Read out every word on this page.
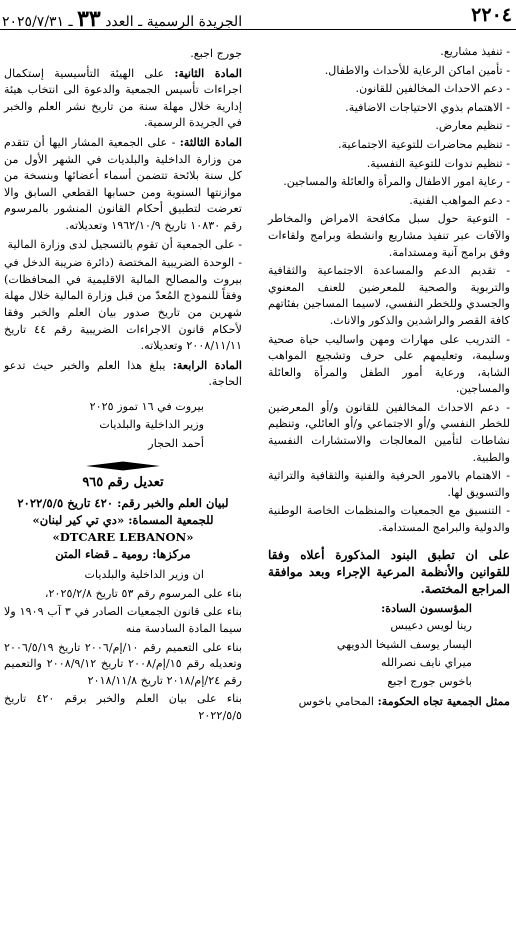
٢٢٠٤
الجريدة الرسمية ـ العدد ٣٣ ـ ٢٠٢٥/٧/٣١

- تنفيذ مشاريع.

- تأمين اماكن الرعاية للأحداث والاطفال.

- دعم الاحداث المخالفين للقانون.

- الاهتمام بذوي الاحتياجات الاضافية.

- تنظيم معارض.

- تنظيم محاضرات للتوعية الاجتماعية.

- تنظيم ندوات للتوعية النفسية.

- رعاية امور الاطفال والمرأة والعائلة والمساجين.

- دعم المواهب الفنية.

- التوعية حول سبل مكافحة الامراض والمخاطر والآفات عبر تنفيذ مشاريع وانشطة وبرامج ولقاءات وفق برامج آنية ومستدامة.

- تقديم الدعم والمساعدة الاجتماعية والثقافية والتربوية والصحية للمعرضين للعنف المعنوي والجسدي وللخطر النفسي، لاسيما المساجين بفئاتهم كافة القصر والراشدين والذكور والاناث.

- التدريب على مهارات ومهن واساليب حياة صحية وسليمة، وتعليمهم على حرف وتشجيع المواهب الشابة، ورعاية أمور الطفل والمرأة والعائلة والمساجين.

- دعم الاحداث المخالفين للقانون و/أو المعرضين للخطر النفسي و/أو الاجتماعي و/أو العائلي، وتنظيم نشاطات لتأمين المعالجات والاستشارات النفسية والطبية.

- الاهتمام بالامور الحرفية والفنية والثقافية والتراثية والتسويق لها.

- التنسيق مع الجمعيات والمنظمات الخاصة الوطنية والدولية والبرامج المستدامة.

على ان تطبق البنود المذكورة أعلاه وفقا للقوانين والأنظمة المرعية الإجراء وبعد موافقة المراجع المختصة.

المؤسسون السادة:

رينا لويس دعيبس

اليسار يوسف الشيخا الدويهي

ميراي نايف نصرالله

باخوس جورج اجبع

ممثل الجمعية تجاه الحكومة: المحامي باخوس

جورج اجبع.

المادة الثانية: على الهيئة التأسيسية إستكمال اجراءات تأسيس الجمعية والدعوة الى انتخاب هيئة إدارية خلال مهلة سنة من تاريخ نشر العلم والخبر في الجريدة الرسمية.

المادة الثالثة: - على الجمعية المشار اليها أن تتقدم من وزارة الداخلية والبلديات في الشهر الأول من كل سنة بلائحة تتضمن أسماء أعضائها وبنسخة من موازنتها السنوية ومن حسابها القطعي السابق والا تعرضت لتطبيق أحكام القانون المنشور بالمرسوم رقم ١٠٨٣٠ تاريخ ١٩٦٢/١٠/٩ وتعديلاته.

- على الجمعية أن تقوم بالتسجيل لدى وزارة المالية

- الوحدة الضريبية المختصة (دائرة ضريبة الدخل في بيروت والمصالح المالية الاقليمية في المحافظات) وفقاً للنموذج المُعدّ من قبل وزارة المالية خلال مهلة شهرين من تاريخ صدور بيان العلم والخبر وفقا لأحكام قانون الاجراءات الضريبية رقم ٤٤ تاريخ ٢٠٠٨/١١/١١ وتعديلاته.

المادة الرابعة: يبلغ هذا العلم والخبر حيث تدعو الحاجة.

بيروت في ١٦ تموز ٢٠٢٥

وزير الداخلية والبلديات

أحمد الحجار

تعديل رقم ٩٦٥
لبيان العلم والخبر رقم: ٤٢٠ تاريخ ٢٠٢٢/٥/٥ للجمعية المسماة: «دي تي كير لبنان» «DTCARE LEBANON»
مركزها: رومية ـ قضاء المتن

ان وزير الداخلية والبلديات

بناء على المرسوم رقم ٥٣ تاريخ ٢٠٢٥/٢/٨،

بناء على قانون الجمعيات الصادر في ٣ آب ١٩٠٩ ولا سيما المادة السادسة منه

بناء على التعميم رقم ١٠/إم/٢٠٠٦ تاريخ ٢٠٠٦/٥/١٩ وتعديله رقم ١٥/إم/٢٠٠٨ تاريخ ٢٠٠٨/٩/١٢ والتعميم رقم ٢٤/إم/٢٠١٨ تاريخ ٢٠١٨/١١/٨

بناء على بيان العلم والخبر برقم ٤٢٠ تاريخ ٢٠٢٢/٥/٥
